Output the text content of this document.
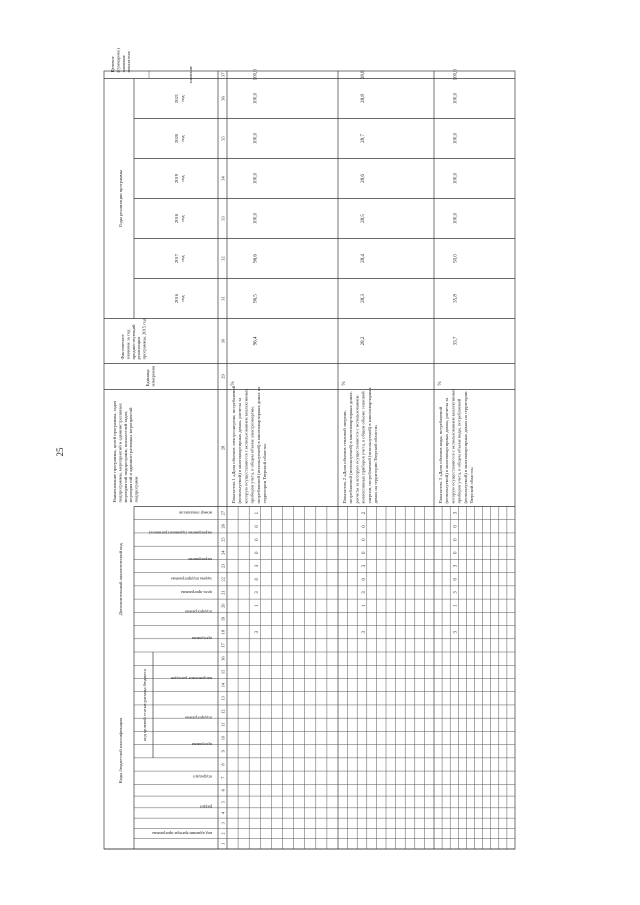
25
Коды бюджетной классификации
Дополнительный аналитический код
код целевой статьи расхода бюджета
код администратора программы
раздел
подраздел
программа
подпрограмма
направление расходов
программа
подпрограмма
цель программы
задача подпрограммы
мероприятие
мероприятие (административное)
номер показателя
Наименование программы, целей программы, задач подпрограммы, мероприятий и административных мероприятий подпрограмм, показателей задач, мероприятий и административных мероприятий подпрограмм
Единица измерения
Фактическое значение за год предшествующий реализации программы, 2015 год
Годы реализации программы
Целевое (суммарное) значение показателя
значение
2016 год
2017 год
2018 год
2019 год
2020 год
2021 год
1
2
3
4
5
6
7
8
9
10
11
12
13
14
15
16
17
18
19
20
21
22
23
24
25
26
27
28
29
30
31
32
33
34
35
36
37
3
1
3
0
3
0
0
0
1
Показатель 1 «Доля объемов электроэнергии, потребляемой (используемой) в многоквартирных домах, расчеты за которую осуществляются с использованием коллективных приборов учета, в общем объеме электроэнергии, потребляемой (используемой) в многоквартирных домах на территории Тверской области»
%
96,4
96,5
96,6
100,0
100,0
100,0
100,0
100,0
3
1
3
0
3
0
0
0
2
Показатель 2 «Доля объемов тепловой энергии, потребляемой (используемой) в многоквартирных домах, расчеты за которую осуществляются с использованием коллективных приборов учета, в общем объеме тепловой энергии, потребляемой (используемой) в многоквартирных домах на территории Тверской области»
%
28,2
28,3
28,4
28,5
28,6
28,7
28,8
28,8
3
1
3
0
3
0
0
0
3
Показатель 3 «Доля объемов воды, потребляемой (используемой) в многоквартирных домах, расчеты за которую осуществляются с использованием коллективных приборов учета, в общем объеме воды, потребляемой (используемой) в многоквартирных домах на территории Тверской области»
%
33,7
35,8
50,0
100,0
100,0
100,0
100,0
100,0
